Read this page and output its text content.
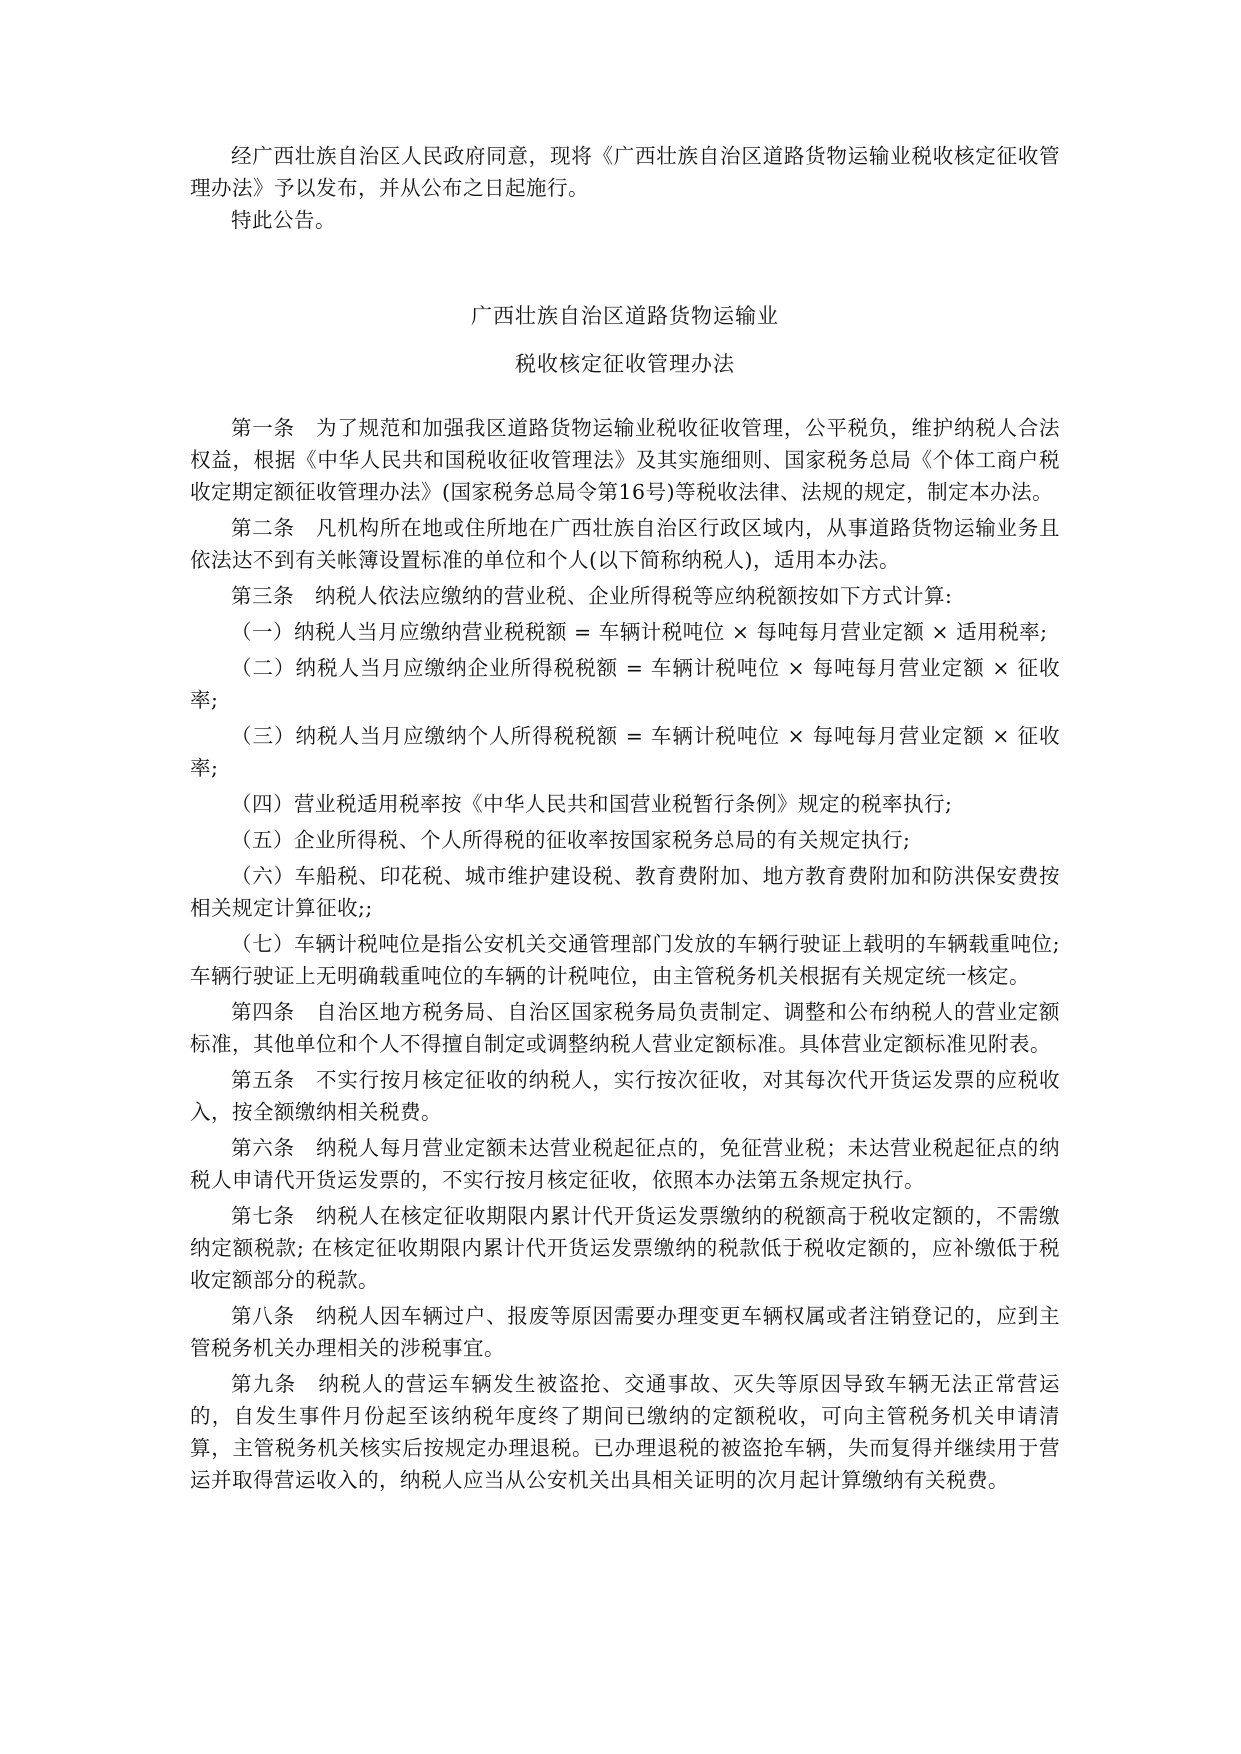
经广西壮族自治区人民政府同意，现将《广西壮族自治区道路货物运输业税收核定征收管理办法》予以发布，并从公布之日起施行。

特此公告。

广西壮族自治区道路货物运输业

税收核定征收管理办法

第一条　为了规范和加强我区道路货物运输业税收征收管理，公平税负，维护纳税人合法权益，根据《中华人民共和国税收征收管理法》及其实施细则、国家税务总局《个体工商户税收定期定额征收管理办法》(国家税务总局令第16号)等税收法律、法规的规定，制定本办法。

第二条　凡机构所在地或住所地在广西壮族自治区行政区域内，从事道路货物运输业务且依法达不到有关帐簿设置标准的单位和个人(以下简称纳税人)，适用本办法。

第三条　纳税人依法应缴纳的营业税、企业所得税等应纳税额按如下方式计算:

（一）纳税人当月应缴纳营业税税额 = 车辆计税吨位 × 每吨每月营业定额 × 适用税率;

（二）纳税人当月应缴纳企业所得税税额 = 车辆计税吨位 × 每吨每月营业定额 × 征收率;

（三）纳税人当月应缴纳个人所得税税额 = 车辆计税吨位 × 每吨每月营业定额 × 征收率;

（四）营业税适用税率按《中华人民共和国营业税暂行条例》规定的税率执行;

（五）企业所得税、个人所得税的征收率按国家税务总局的有关规定执行;

（六）车船税、印花税、城市维护建设税、教育费附加、地方教育费附加和防洪保安费按相关规定计算征收;;

（七）车辆计税吨位是指公安机关交通管理部门发放的车辆行驶证上载明的车辆载重吨位; 车辆行驶证上无明确载重吨位的车辆的计税吨位，由主管税务机关根据有关规定统一核定。

第四条　自治区地方税务局、自治区国家税务局负责制定、调整和公布纳税人的营业定额标准，其他单位和个人不得擅自制定或调整纳税人营业定额标准。具体营业定额标准见附表。

第五条　不实行按月核定征收的纳税人，实行按次征收，对其每次代开货运发票的应税收入，按全额缴纳相关税费。

第六条　纳税人每月营业定额未达营业税起征点的，免征营业税；未达营业税起征点的纳税人申请代开货运发票的，不实行按月核定征收，依照本办法第五条规定执行。

第七条　纳税人在核定征收期限内累计代开货运发票缴纳的税额高于税收定额的，不需缴纳定额税款; 在核定征收期限内累计代开货运发票缴纳的税款低于税收定额的，应补缴低于税收定额部分的税款。

第八条　纳税人因车辆过户、报废等原因需要办理变更车辆权属或者注销登记的，应到主管税务机关办理相关的涉税事宜。

第九条　纳税人的营运车辆发生被盗抢、交通事故、灭失等原因导致车辆无法正常营运的，自发生事件月份起至该纳税年度终了期间已缴纳的定额税收，可向主管税务机关申请清算，主管税务机关核实后按规定办理退税。已办理退税的被盗抢车辆，失而复得并继续用于营运并取得营运收入的，纳税人应当从公安机关出具相关证明的次月起计算缴纳有关税费。
